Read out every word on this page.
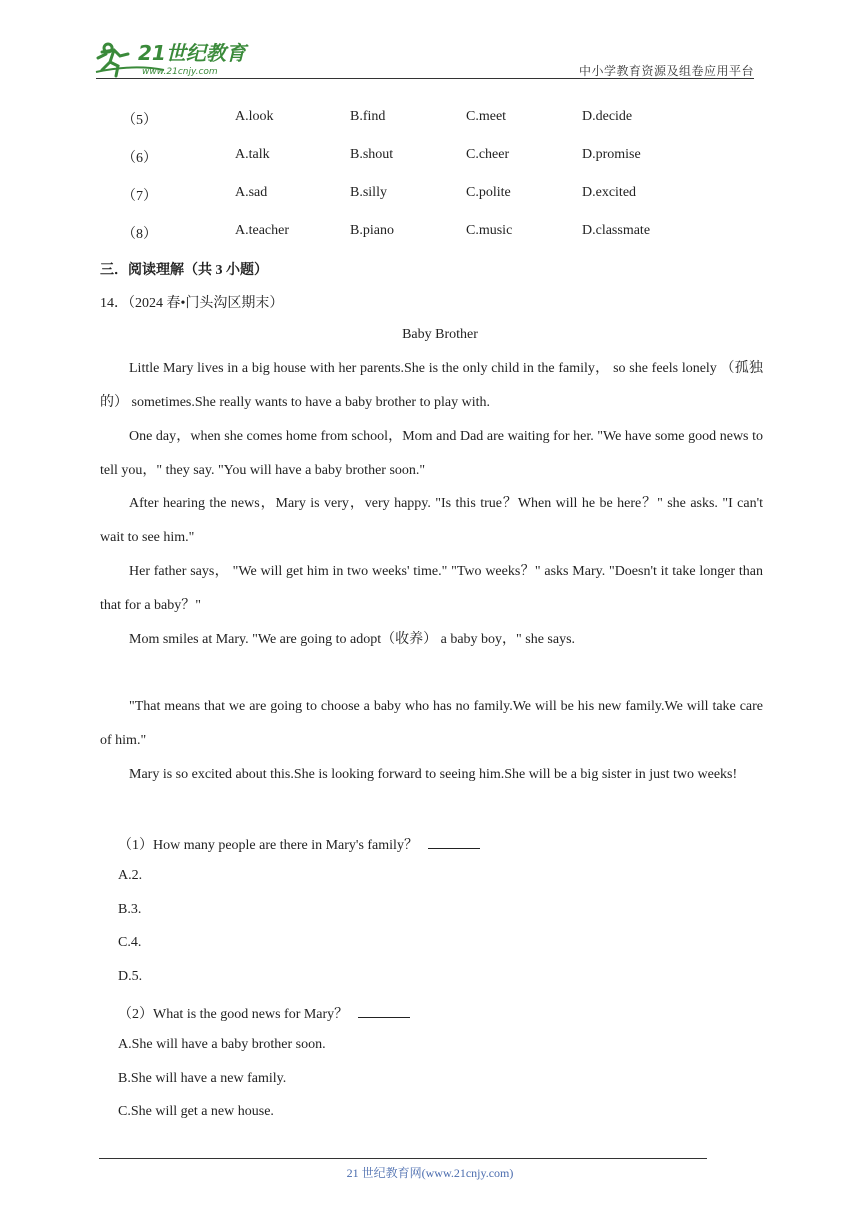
21世纪教育
www.21cnjy.com	中小学教育资源及组卷应用平台
（5）	A.look	B.find	C.meet	D.decide
（6）	A.talk	B.shout	C.cheer	D.promise
（7）	A.sad	B.silly	C.polite	D.excited
（8）	A.teacher	B.piano	C.music	D.classmate
三．阅读理解（共 3 小题）
14．（2024 春•门头沟区期末）
Baby Brother
Little Mary lives in a big house with her parents.She is the only child in the family， so she feels lonely （孤独的） sometimes.She really wants to have a baby brother to play with.
One day，when she comes home from school，Mom and Dad are waiting for her. "We have some good news to tell you，" they say. "You will have a baby brother soon."
After hearing the news，Mary is very，very happy. "Is this true？When will he be here？" she asks. "I can't wait to see him."
Her father says， "We will get him in two weeks' time." "Two weeks？" asks Mary. "Doesn't it take longer than that for a baby？"
Mom smiles at Mary. "We are going to adopt（收养） a baby boy，" she says.
"That means that we are going to choose a baby who has no family.We will be his new family.We will take care of him."
Mary is so excited about this.She is looking forward to seeing him.She will be a big sister in just two weeks!
（1）How many people are there in Mary's family？
A.2.
B.3.
C.4.
D.5.
（2）What is the good news for Mary？
A.She will have a baby brother soon.
B.She will have a new family.
C.She will get a new house.
21 世纪教育网(www.21cnjy.com)
